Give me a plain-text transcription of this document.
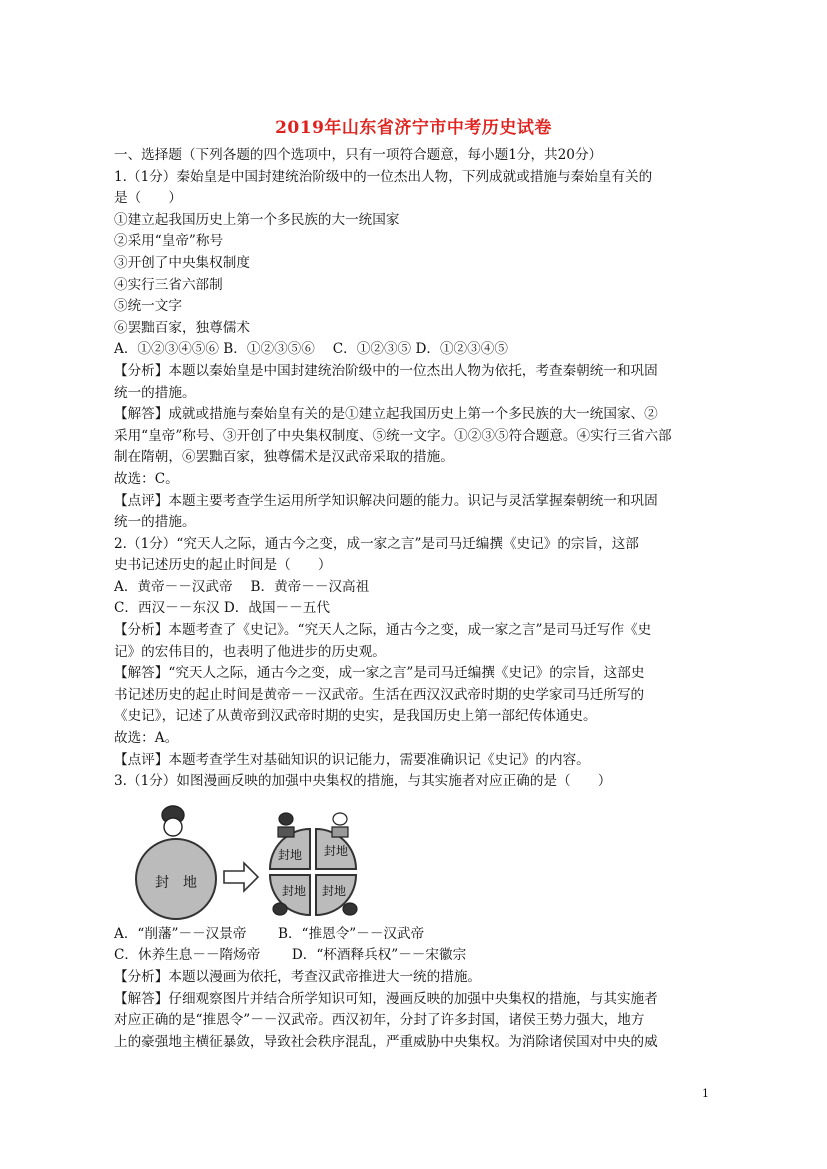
2019年山东省济宁市中考历史试卷
一、选择题（下列各题的四个选项中，只有一项符合题意，每小题1分，共20分）
1.（1分）秦始皇是中国封建统治阶级中的一位杰出人物，下列成就或措施与秦始皇有关的
是（　　）
①建立起我国历史上第一个多民族的大一统国家
②采用“皇帝”称号
③开创了中央集权制度
④实行三省六部制
⑤统一文字
⑥罢黜百家，独尊儒术
A．①②③④⑤⑥ B．①②③⑤⑥　 C．①②③⑤ D．①②③④⑤
【分析】本题以秦始皇是中国封建统治阶级中的一位杰出人物为依托，考查秦朝统一和巩固
统一的措施。
【解答】成就或措施与秦始皇有关的是①建立起我国历史上第一个多民族的大一统国家、②
采用“皇帝”称号、③开创了中央集权制度、⑤统一文字。①②③⑤符合题意。④实行三省六部
制在隋朝，⑥罢黜百家，独尊儒术是汉武帝采取的措施。
故选：C。
【点评】本题主要考查学生运用所学知识解决问题的能力。识记与灵活掌握秦朝统一和巩固
统一的措施。
2.（1分）“究天人之际，通古今之变，成一家之言”是司马迁编撰《史记》的宗旨，这部
史书记述历史的起止时间是（　　）
A．黄帝－－汉武帝　 B．黄帝－－汉高祖
C．西汉－－东汉 D．战国－－五代
【分析】本题考查了《史记》。“究天人之际，通古今之变，成一家之言”是司马迁写作《史
记》的宏伟目的，也表明了他进步的历史观。
【解答】“究天人之际，通古今之变，成一家之言”是司马迁编撰《史记》的宗旨，这部史
书记述历史的起止时间是黄帝－－汉武帝。生活在西汉汉武帝时期的史学家司马迁所写的
《史记》，记述了从黄帝到汉武帝时期的史实，是我国历史上第一部纪传体通史。
故选：A。
【点评】本题考查学生对基础知识的识记能力，需要准确识记《史记》的内容。
3.（1分）如图漫画反映的加强中央集权的措施，与其实施者对应正确的是（　　）
封　地
封地 封地
封地 封地
A．“削藩”－－汉景帝　　 B．“推恩令”－－汉武帝
C．休养生息－－隋炀帝　　 D．“杯酒释兵权”－－宋徽宗
【分析】本题以漫画为依托，考查汉武帝推进大一统的措施。
【解答】仔细观察图片并结合所学知识可知，漫画反映的加强中央集权的措施，与其实施者
对应正确的是“推恩令”－－汉武帝。西汉初年，分封了许多封国，诸侯王势力强大，地方
上的豪强地主横征暴敛，导致社会秩序混乱，严重威胁中央集权。为消除诸侯国对中央的威
1
